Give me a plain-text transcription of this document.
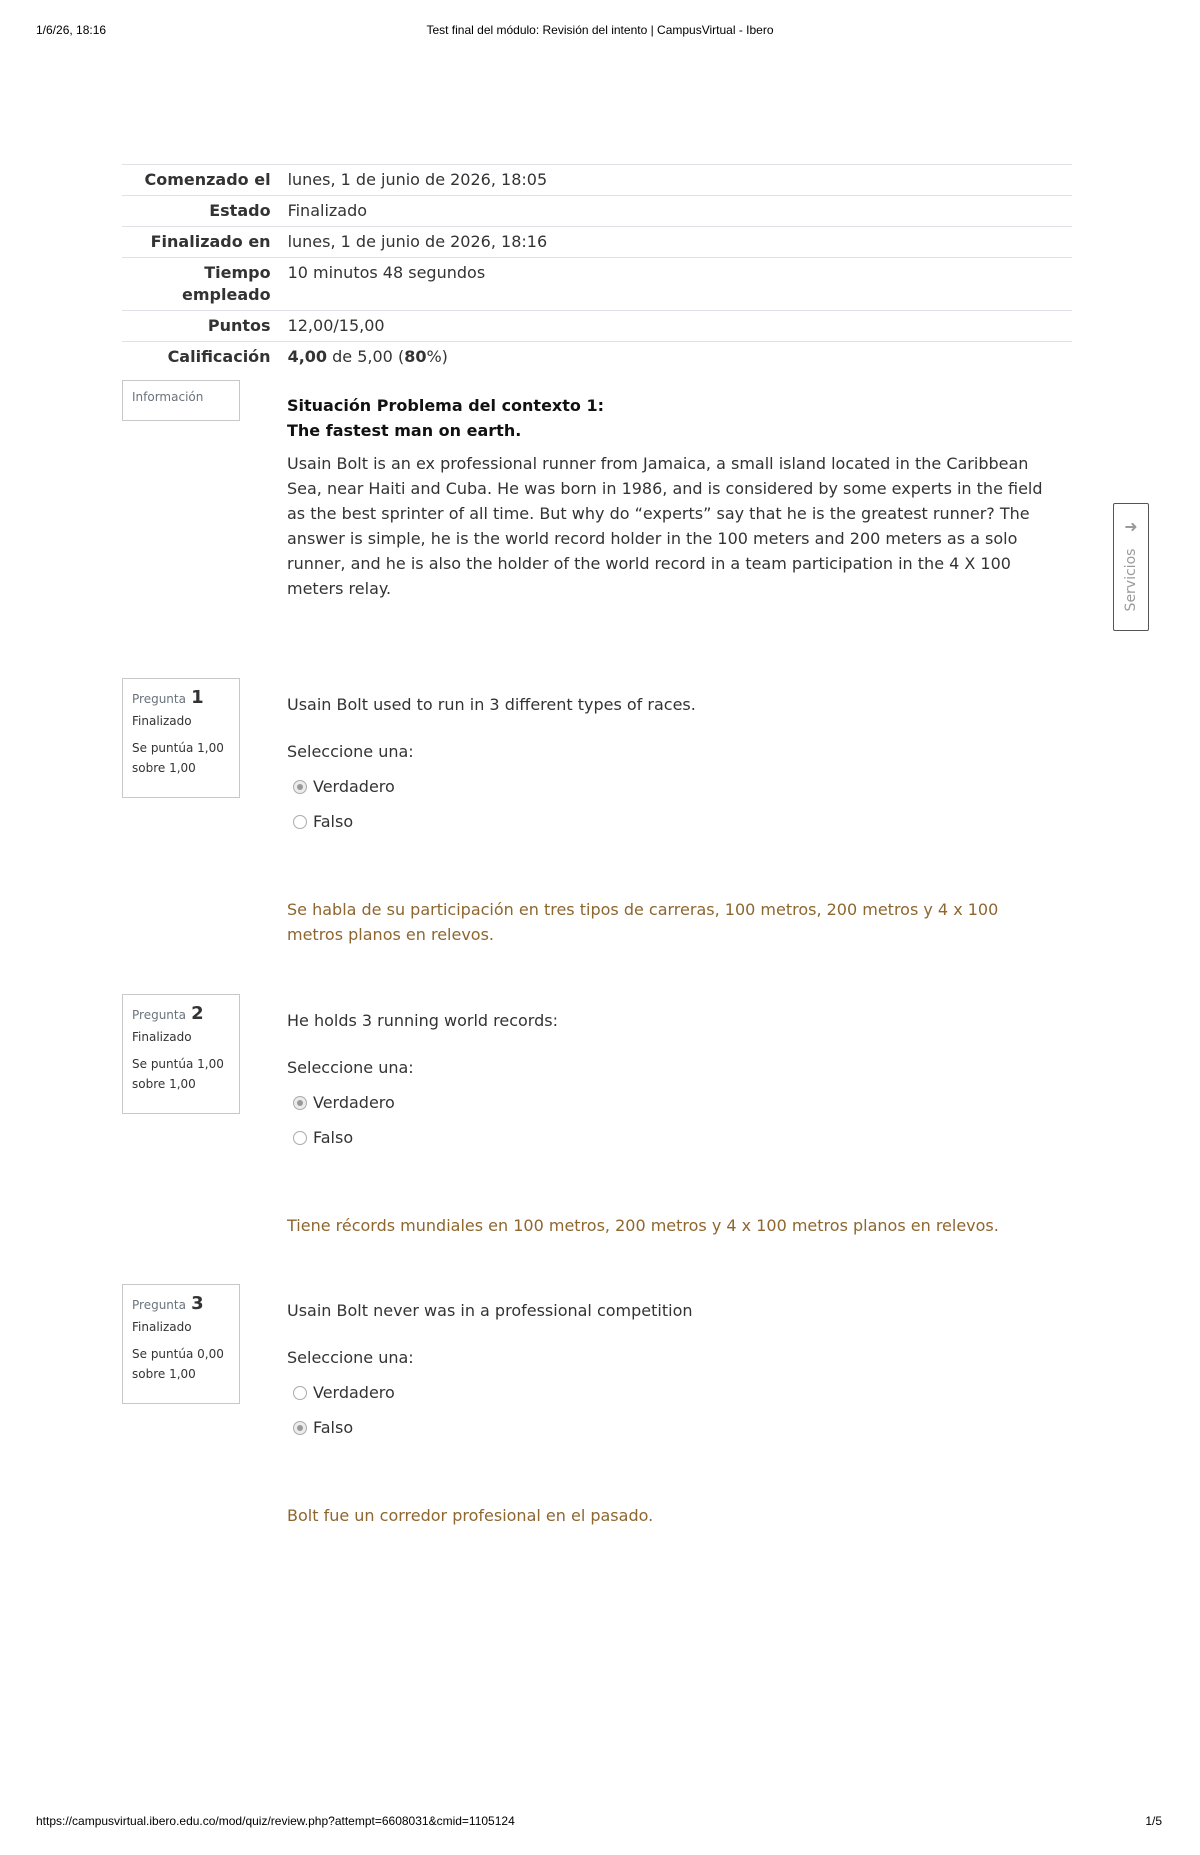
1/6/26, 18:16	Test final del módulo: Revisión del intento | CampusVirtual - Ibero
Comenzado el	lunes, 1 de junio de 2026, 18:05
Estado	Finalizado
Finalizado en	lunes, 1 de junio de 2026, 18:16
Tiempo empleado	10 minutos 48 segundos
Puntos	12,00/15,00
Calificación	4,00 de 5,00 (80%)
Información	Situación Problema del contexto 1:
The fastest man on earth.
Usain Bolt is an ex professional runner from Jamaica, a small island located in the Caribbean Sea, near Haiti and Cuba. He was born in 1986, and is considered by some experts in the field as the best sprinter of all time. But why do “experts” say that he is the greatest runner? The answer is simple, he is the world record holder in the 100 meters and 200 meters as a solo runner, and he is also the holder of the world record in a team participation in the 4 X 100 meters relay.
Pregunta 1
Finalizado
Se puntúa 1,00 sobre 1,00
Usain Bolt used to run in 3 different types of races.
Seleccione una:
Verdadero
Falso
Se habla de su participación en tres tipos de carreras, 100 metros, 200 metros y 4 x 100 metros planos en relevos.
Pregunta 2
Finalizado
Se puntúa 1,00 sobre 1,00
He holds 3 running world records:
Seleccione una:
Verdadero
Falso
Tiene récords mundiales en 100 metros, 200 metros y 4 x 100 metros planos en relevos.
Pregunta 3
Finalizado
Se puntúa 0,00 sobre 1,00
Usain Bolt never was in a professional competition
Seleccione una:
Verdadero
Falso
Bolt fue un corredor profesional en el pasado.
➜
Servicios
https://campusvirtual.ibero.edu.co/mod/quiz/review.php?attempt=6608031&cmid=1105124	1/5
